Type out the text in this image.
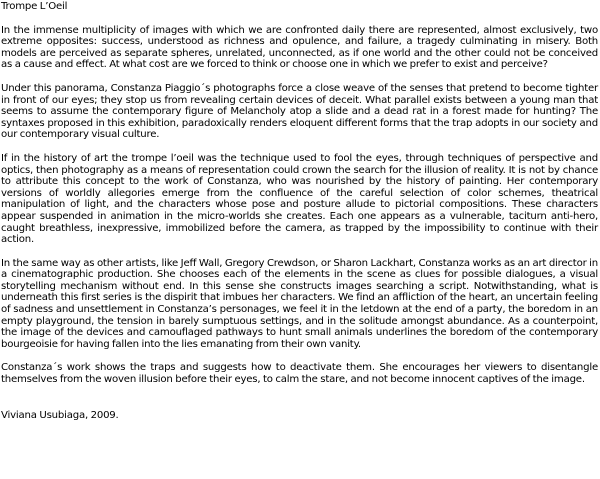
Trompe L’Oeil

In the immense multiplicity of images with which we are confronted daily there are represented, almost exclusively, two extreme opposites: success, understood as richness and opulence, and failure, a tragedy culminating in misery. Both models are perceived as separate spheres, unrelated, unconnected, as if one world and the other could not be conceived as a cause and effect. At what cost are we forced to think or choose one in which we prefer to exist and perceive?

Under this panorama, Constanza Piaggio´s photographs force a close weave of the senses that pretend to become tighter in front of our eyes; they stop us from revealing certain devices of deceit. What parallel exists between a young man that seems to assume the contemporary figure of Melancholy atop a slide and a dead rat in a forest made for hunting? The syntaxes proposed in this exhibition, paradoxically renders eloquent different forms that the trap adopts in our society and our contemporary visual culture.

If in the history of art the trompe l’oeil was the technique used to fool the eyes, through techniques of perspective and optics, then photography as a means of representation could crown the search for the illusion of reality. It is not by chance to attribute this concept to the work of Constanza, who was nourished by the history of painting. Her contemporary versions of worldly allegories emerge from the confluence of the careful selection of color schemes, theatrical manipulation of light, and the characters whose pose and posture allude to pictorial compositions. These characters appear suspended in animation in the micro-worlds she creates. Each one appears as a vulnerable, taciturn anti-hero, caught breathless, inexpressive, immobilized before the camera, as trapped by the impossibility to continue with their action.

In the same way as other artists, like Jeff Wall, Gregory Crewdson, or Sharon Lackhart, Constanza works as an art director in a cinematographic production. She chooses each of the elements in the scene as clues for possible dialogues, a visual storytelling mechanism without end. In this sense she constructs images searching a script. Notwithstanding, what is underneath this first series is the dispirit that imbues her characters. We find an affliction of the heart, an uncertain feeling of sadness and unsettlement in Constanza’s personages, we feel it in the letdown at the end of a party, the boredom in an empty playground, the tension in barely sumptuous settings, and in the solitude amongst abundance. As a counterpoint, the image of the devices and camouflaged pathways to hunt small animals underlines the boredom of the contemporary bourgeoisie for having fallen into the lies emanating from their own vanity.

Constanza´s work shows the traps and suggests how to deactivate them. She encourages her viewers to disentangle themselves from the woven illusion before their eyes, to calm the stare, and not become innocent captives of the image.

Viviana Usubiaga, 2009.
